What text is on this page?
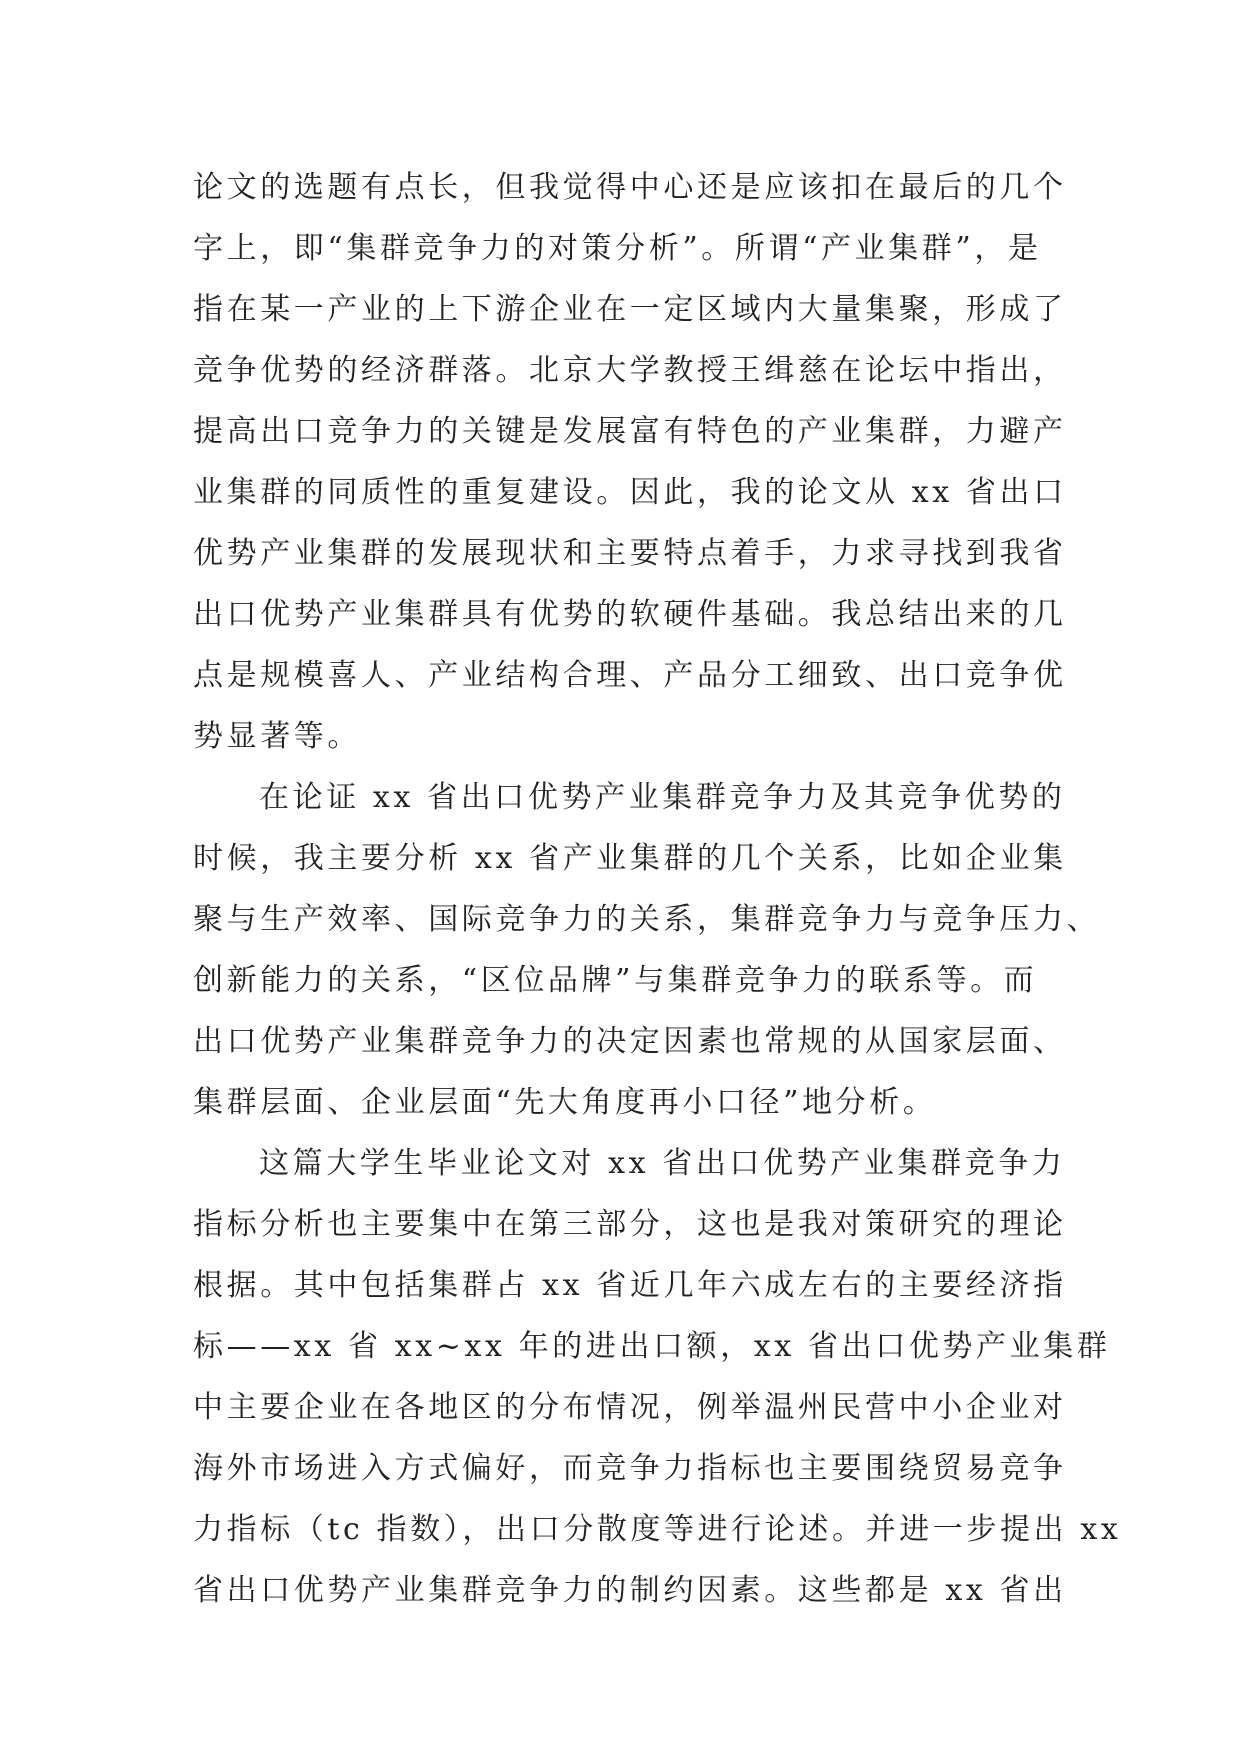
论文的选题有点长，但我觉得中心还是应该扣在最后的几个
字上，即“集群竞争力的对策分析”。所谓“产业集群”，是
指在某一产业的上下游企业在一定区域内大量集聚，形成了
竞争优势的经济群落。北京大学教授王缉慈在论坛中指出，
提高出口竞争力的关键是发展富有特色的产业集群，力避产
业集群的同质性的重复建设。因此，我的论文从 xx 省出口
优势产业集群的发展现状和主要特点着手，力求寻找到我省
出口优势产业集群具有优势的软硬件基础。我总结出来的几
点是规模喜人、产业结构合理、产品分工细致、出口竞争优
势显著等。
在论证 xx 省出口优势产业集群竞争力及其竞争优势的
时候，我主要分析 xx 省产业集群的几个关系，比如企业集
聚与生产效率、国际竞争力的关系，集群竞争力与竞争压力、
创新能力的关系，“区位品牌”与集群竞争力的联系等。而
出口优势产业集群竞争力的决定因素也常规的从国家层面、
集群层面、企业层面“先大角度再小口径”地分析。
这篇大学生毕业论文对 xx 省出口优势产业集群竞争力
指标分析也主要集中在第三部分，这也是我对策研究的理论
根据。其中包括集群占 xx 省近几年六成左右的主要经济指
标——xx 省 xx~xx 年的进出口额，xx 省出口优势产业集群
中主要企业在各地区的分布情况，例举温州民营中小企业对
海外市场进入方式偏好，而竞争力指标也主要围绕贸易竞争
力指标（tc 指数），出口分散度等进行论述。并进一步提出 xx
省出口优势产业集群竞争力的制约因素。这些都是 xx 省出
